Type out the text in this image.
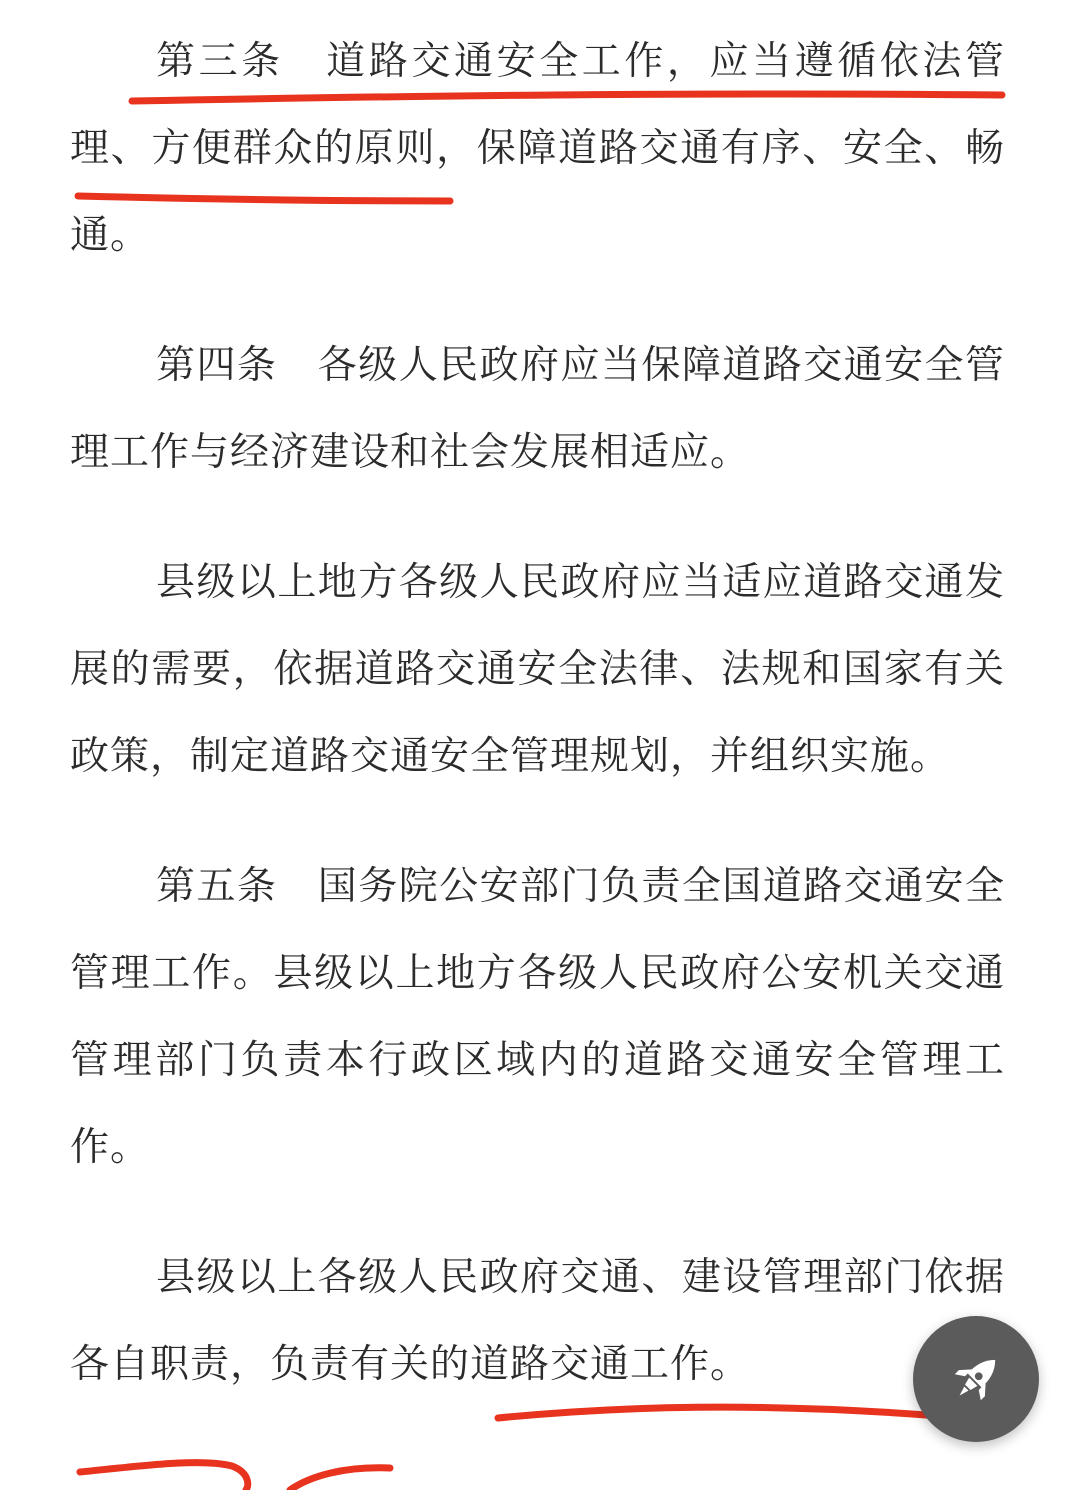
第三条 道路交通安全工作，应当遵循依法管理、方便群众的原则，保障道路交通有序、安全、畅通。

第四条 各级人民政府应当保障道路交通安全管理工作与经济建设和社会发展相适应。

县级以上地方各级人民政府应当适应道路交通发展的需要，依据道路交通安全法律、法规和国家有关政策，制定道路交通安全管理规划，并组织实施。

第五条 国务院公安部门负责全国道路交通安全管理工作。县级以上地方各级人民政府公安机关交通管理部门负责本行政区域内的道路交通安全管理工作。

县级以上各级人民政府交通、建设管理部门依据各自职责，负责有关的道路交通工作。
